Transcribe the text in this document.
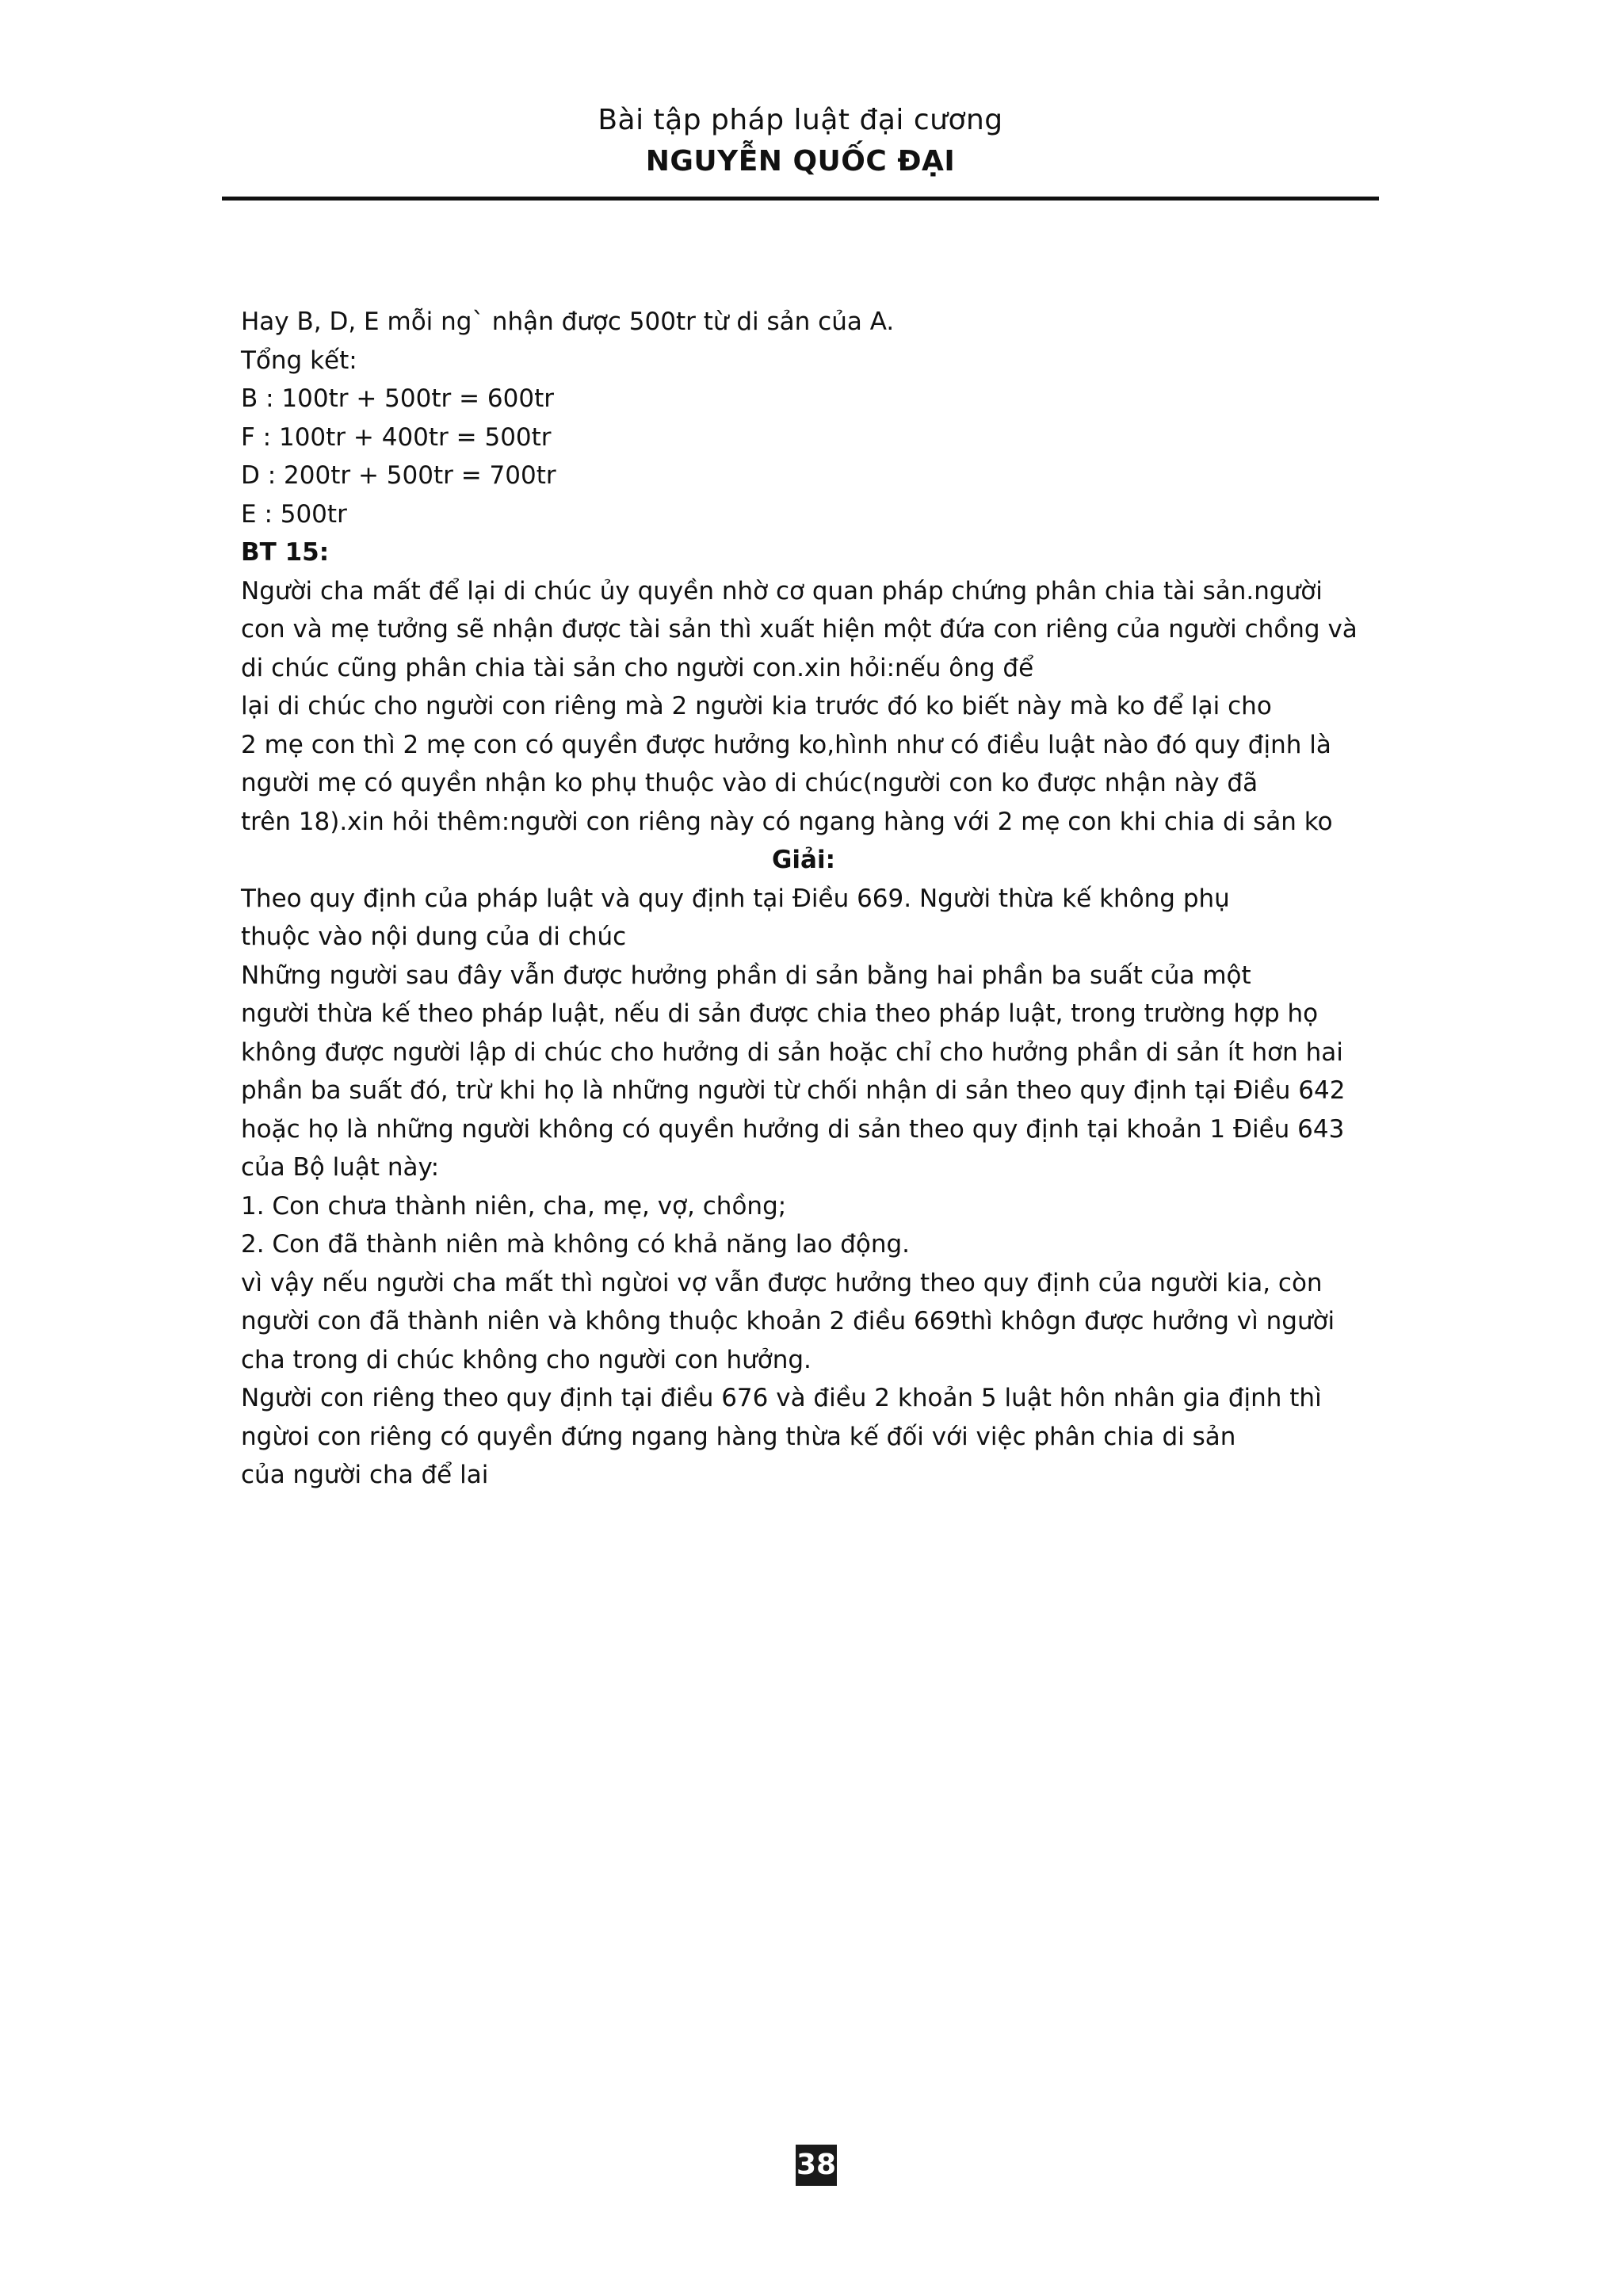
Bài tập pháp luật đại cương
NGUYỄN QUỐC ĐẠI
Hay B, D, E mỗi ng` nhận được 500tr từ di sản của A.
Tổng kết:
B : 100tr + 500tr = 600tr
F : 100tr + 400tr = 500tr
D : 200tr + 500tr = 700tr
E : 500tr
BT 15:
Người cha mất để lại di chúc ủy quyền nhờ cơ quan pháp chứng phân chia tài sản.người
con và mẹ tưởng sẽ nhận được tài sản thì xuất hiện một đứa con riêng của người chồng và
di chúc cũng phân chia tài sản cho người con.xin hỏi:nếu ông để
lại di chúc cho người con riêng mà 2 người kia trước đó ko biết này mà ko để lại cho
2 mẹ con thì 2 mẹ con có quyền được hưởng ko,hình như có điều luật nào đó quy định là
người mẹ có quyền nhận ko phụ thuộc vào di chúc(người con ko được nhận này đã
trên 18).xin hỏi thêm:người con riêng này có ngang hàng với 2 mẹ con khi chia di sản ko
Giải:
Theo quy định của pháp luật và quy định tại Điều 669. Người thừa kế không phụ
thuộc vào nội dung của di chúc
Những người sau đây vẫn được hưởng phần di sản bằng hai phần ba suất của một
người thừa kế theo pháp luật, nếu di sản được chia theo pháp luật, trong trường hợp họ
không được người lập di chúc cho hưởng di sản hoặc chỉ cho hưởng phần di sản ít hơn hai
phần ba suất đó, trừ khi họ là những người từ chối nhận di sản theo quy định tại Điều 642
hoặc họ là những người không có quyền hưởng di sản theo quy định tại khoản 1 Điều 643
của Bộ luật này:
1. Con chưa thành niên, cha, mẹ, vợ, chồng;
2. Con đã thành niên mà không có khả năng lao động.
vì vậy nếu người cha mất thì ngừoi vợ vẫn được hưởng theo quy định của người kia, còn
người con đã thành niên và không thuộc khoản 2 điều 669thì khôgn được hưởng vì người
cha trong di chúc không cho người con hưởng.
Người con riêng theo quy định tại điều 676 và điều 2 khoản 5 luật hôn nhân gia định thì
ngừoi con riêng có quyền đứng ngang hàng thừa kế đối với việc phân chia di sản
của người cha để lai
38
